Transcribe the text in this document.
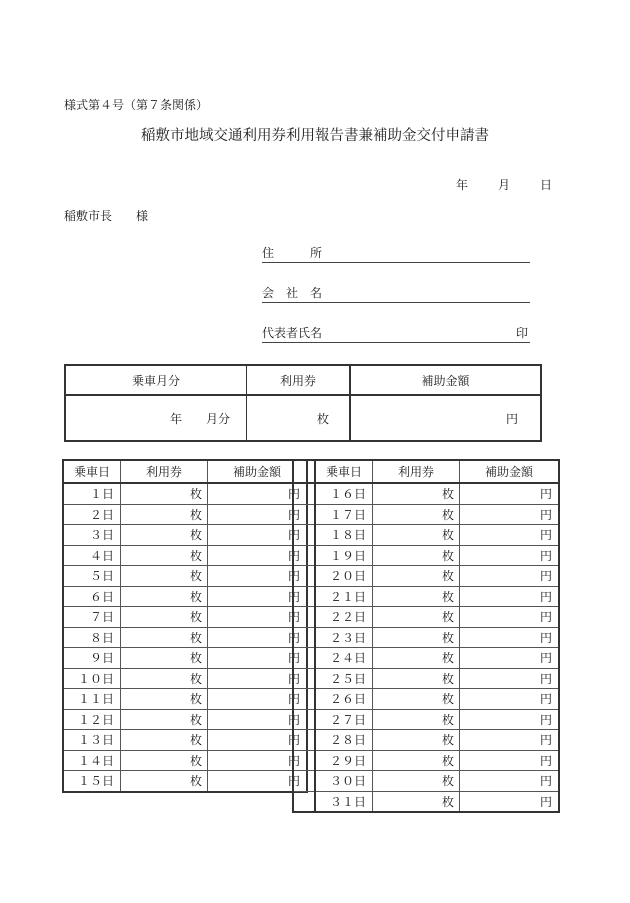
様式第４号（第７条関係）
稲敷市地域交通利用券利用報告書兼補助金交付申請書
年 月 日
稲敷市長　　様
住　　　所
会　社　名
代表者氏名	印
乗車月分	利用券	補助金額
年　　月分	枚	円
乗車日	利用券	補助金額
１日	枚	円
２日	枚	円
３日	枚	円
４日	枚	円
５日	枚	円
６日	枚	円
７日	枚	円
８日	枚	円
９日	枚	円
１０日	枚	円
１１日	枚	円
１２日	枚	円
１３日	枚	円
１４日	枚	円
１５日	枚	円
	乗車日	利用券	補助金額
	１６日	枚	円
	１７日	枚	円
	１８日	枚	円
	１９日	枚	円
	２０日	枚	円
	２１日	枚	円
	２２日	枚	円
	２３日	枚	円
	２４日	枚	円
	２５日	枚	円
	２６日	枚	円
	２７日	枚	円
	２８日	枚	円
	２９日	枚	円
	３０日	枚	円
	３１日	枚	円
